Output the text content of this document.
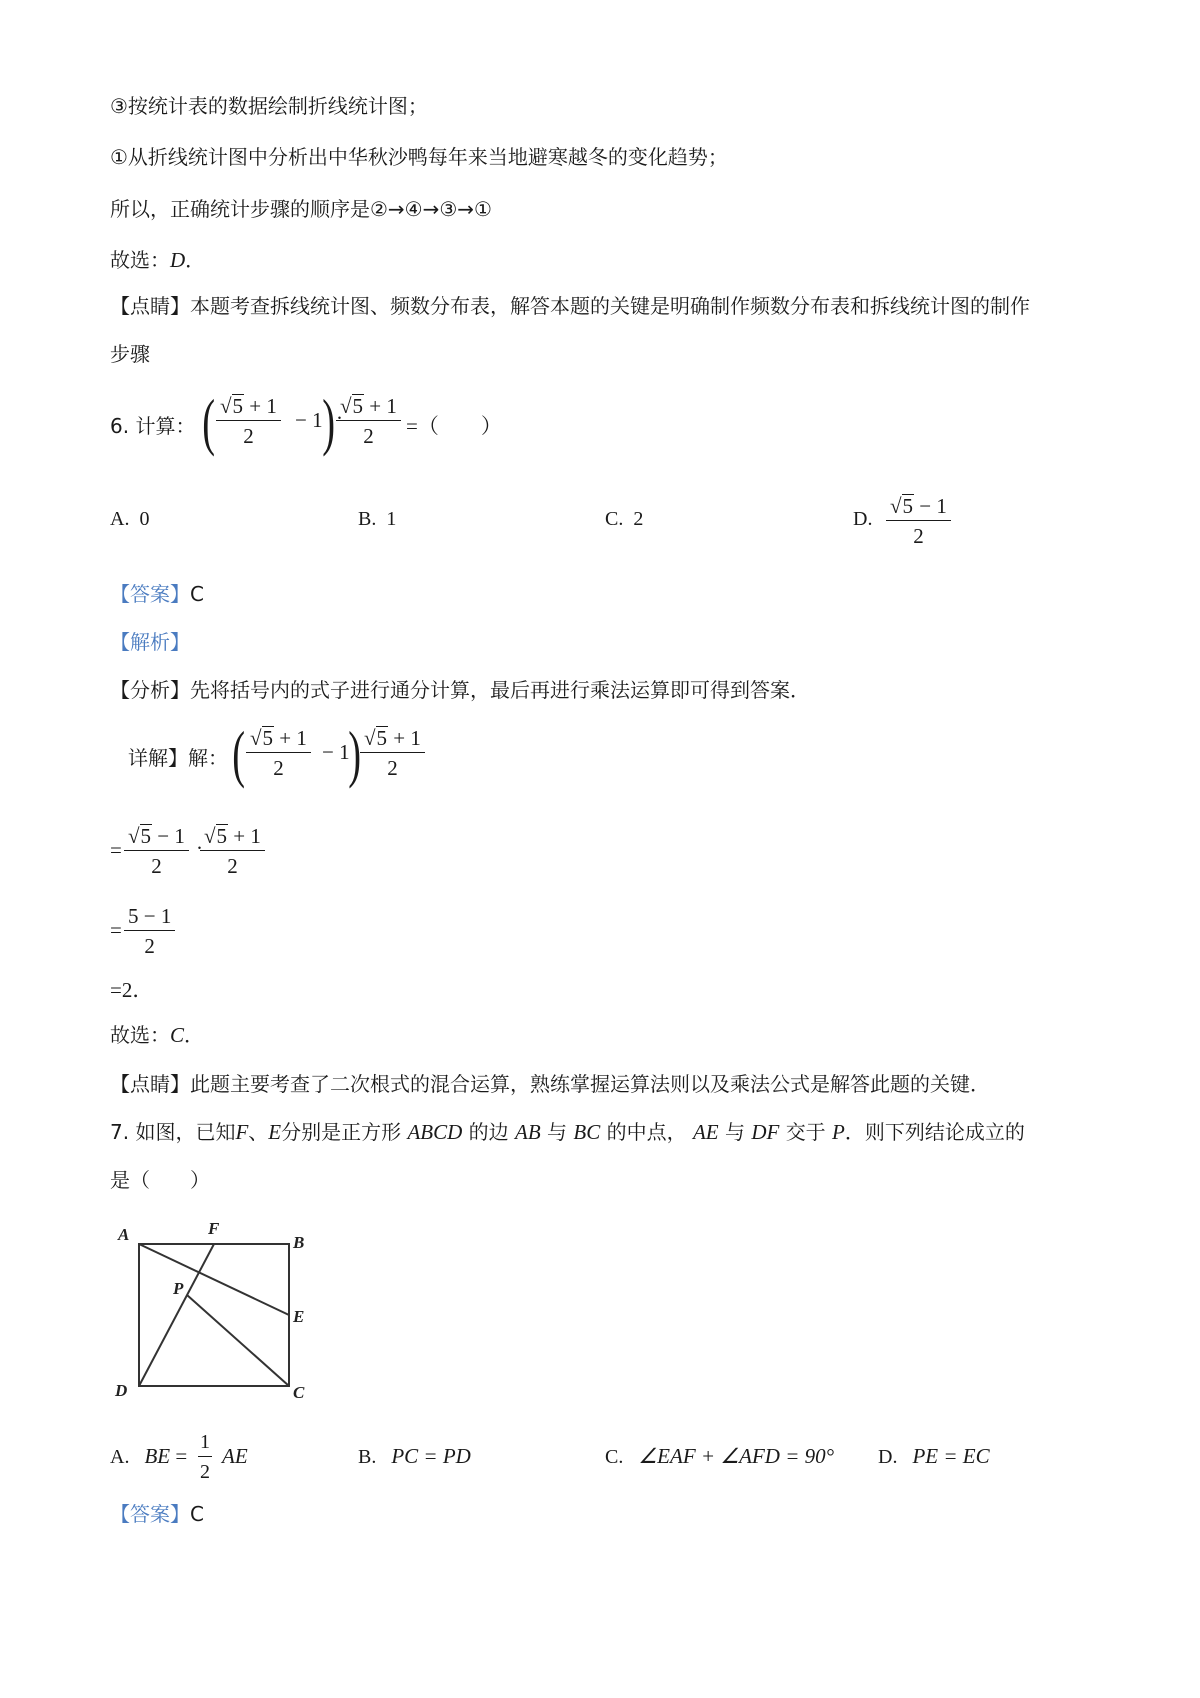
③按统计表的数据绘制折线统计图；
①从折线统计图中分析出中华秋沙鸭每年来当地避寒越冬的变化趋势；
所以，正确统计步骤的顺序是②→④→③→①
故选：D．
【点睛】本题考查拆线统计图、频数分布表，解答本题的关键是明确制作频数分布表和拆线统计图的制作
步骤
6. 计算： ( $\frac{√5 + 1}{2} - 1$ ) ·
$\frac{√5 + 1}{2}$ =（　　）
A. 0	B. 1	C. 2	D. $\frac{√5 - 1}{2}$
【答案】C
【解析】
【分析】先将括号内的式子进行通分计算，最后再进行乘法运算即可得到答案．
详解】解： ( $\frac{√5 + 1}{2} - 1$
)
$\frac{√5 + 1}{2}$
= $\frac{√5 - 1}{2}$ ·
$\frac{√5 + 1}{2}$
= $\frac{5 - 1}{2}$
=2．
故选：C．
【点睛】此题主要考查了二次根式的混合运算，熟练掌握运算法则以及乘法公式是解答此题的关键．
7. 如图，已知F、E分别是正方形 ABCD 的边 AB 与 BC 的中点， AE 与 DF 交于 P．则下列结论成立的
是（　　）
A	F
B
P
E
D	C
A. BE = $\frac{1}{2}$ AE	B. PC = PD	C. ∠EAF + ∠AFD = 90° D. PE = EC
【答案】C
